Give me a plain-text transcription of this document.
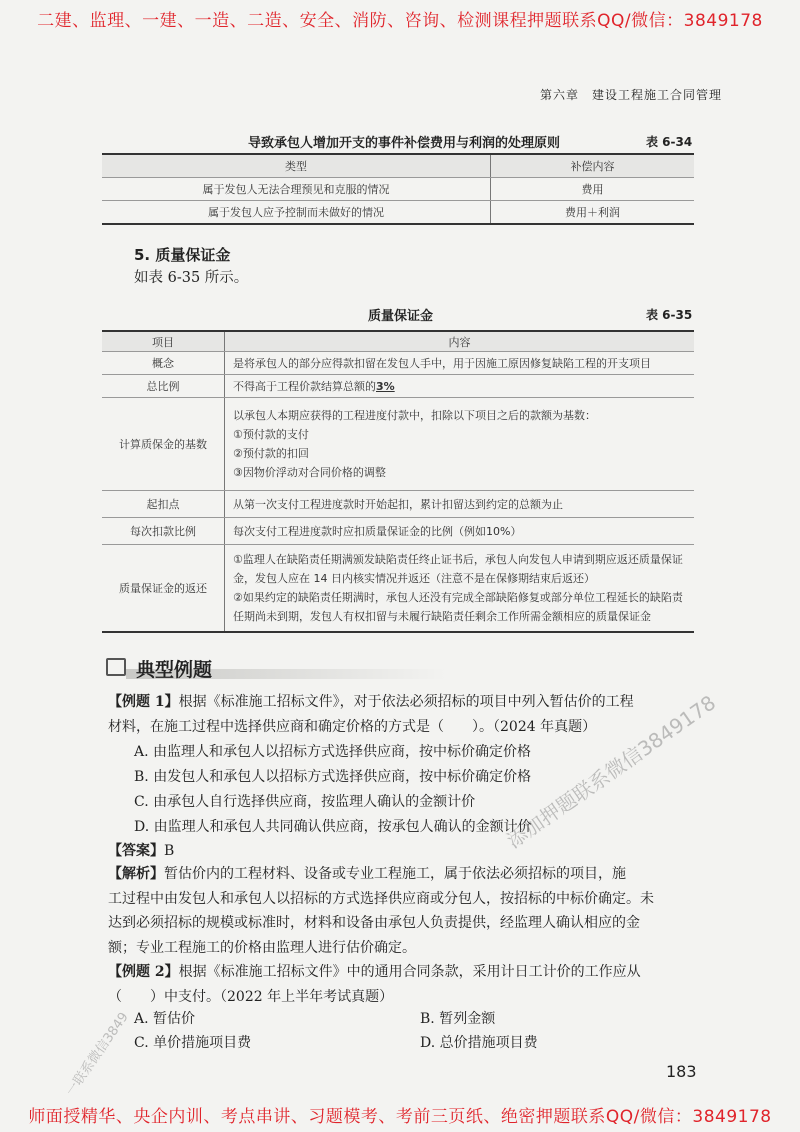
二建、监理、一建、一造、二造、安全、消防、咨询、检测课程押题联系QQ/微信：3849178
第六章　建设工程施工合同管理
导致承包人增加开支的事件补偿费用与利润的处理原则	表 6-34
类型	补偿内容
属于发包人无法合理预见和克服的情况	费用
属于发包人应予控制而未做好的情况	费用＋利润
5. 质量保证金
如表 6-35 所示。
质量保证金	表 6-35
项目	内容
概念	是将承包人的部分应得款扣留在发包人手中，用于因施工原因修复缺陷工程的开支项目
总比例	不得高于工程价款结算总额的3%
计算质保金的基数	以承包人本期应获得的工程进度付款中，扣除以下项目之后的款额为基数：
①预付款的支付
②预付款的扣回
③因物价浮动对合同价格的调整

起扣点	从第一次支付工程进度款时开始起扣，累计扣留达到约定的总额为止
每次扣款比例	每次支付工程进度款时应扣质量保证金的比例（例如10%）
质量保证金的返还	①监理人在缺陷责任期满颁发缺陷责任终止证书后，承包人向发包人申请到期应返还质量保证
金，发包人应在 14 日内核实情况并返还（注意不是在保修期结束后返还）
②如果约定的缺陷责任期满时，承包人还没有完成全部缺陷修复或部分单位工程延长的缺陷责
任期尚未到期，发包人有权扣留与未履行缺陷责任剩余工作所需金额相应的质量保证金
典型例题
【例题 1】根据《标准施工招标文件》，对于依法必须招标的项目中列入暂估价的工程
材料，在施工过程中选择供应商和确定价格的方式是（　　）。（2024 年真题）
A. 由监理人和承包人以招标方式选择供应商，按中标价确定价格
B. 由发包人和承包人以招标方式选择供应商，按中标价确定价格
C. 由承包人自行选择供应商，按监理人确认的金额计价
D. 由监理人和承包人共同确认供应商，按承包人确认的金额计价
【答案】B
【解析】暂估价内的工程材料、设备或专业工程施工，属于依法必须招标的项目，施
工过程中由发包人和承包人以招标的方式选择供应商或分包人，按招标的中标价确定。未
达到必须招标的规模或标准时，材料和设备由承包人负责提供，经监理人确认相应的金
额；专业工程施工的价格由监理人进行估价确定。
【例题 2】根据《标准施工招标文件》中的通用合同条款，采用计日工计价的工作应从
（　　）中支付。（2022 年上半年考试真题）
A. 暂估价	B. 暂列金额
C. 单价措施项目费	D. 总价措施项目费
183
添加押题联系微信3849178
一联系微信3849
师面授精华、央企内训、考点串讲、习题模考、考前三页纸、绝密押题联系QQ/微信：3849178
